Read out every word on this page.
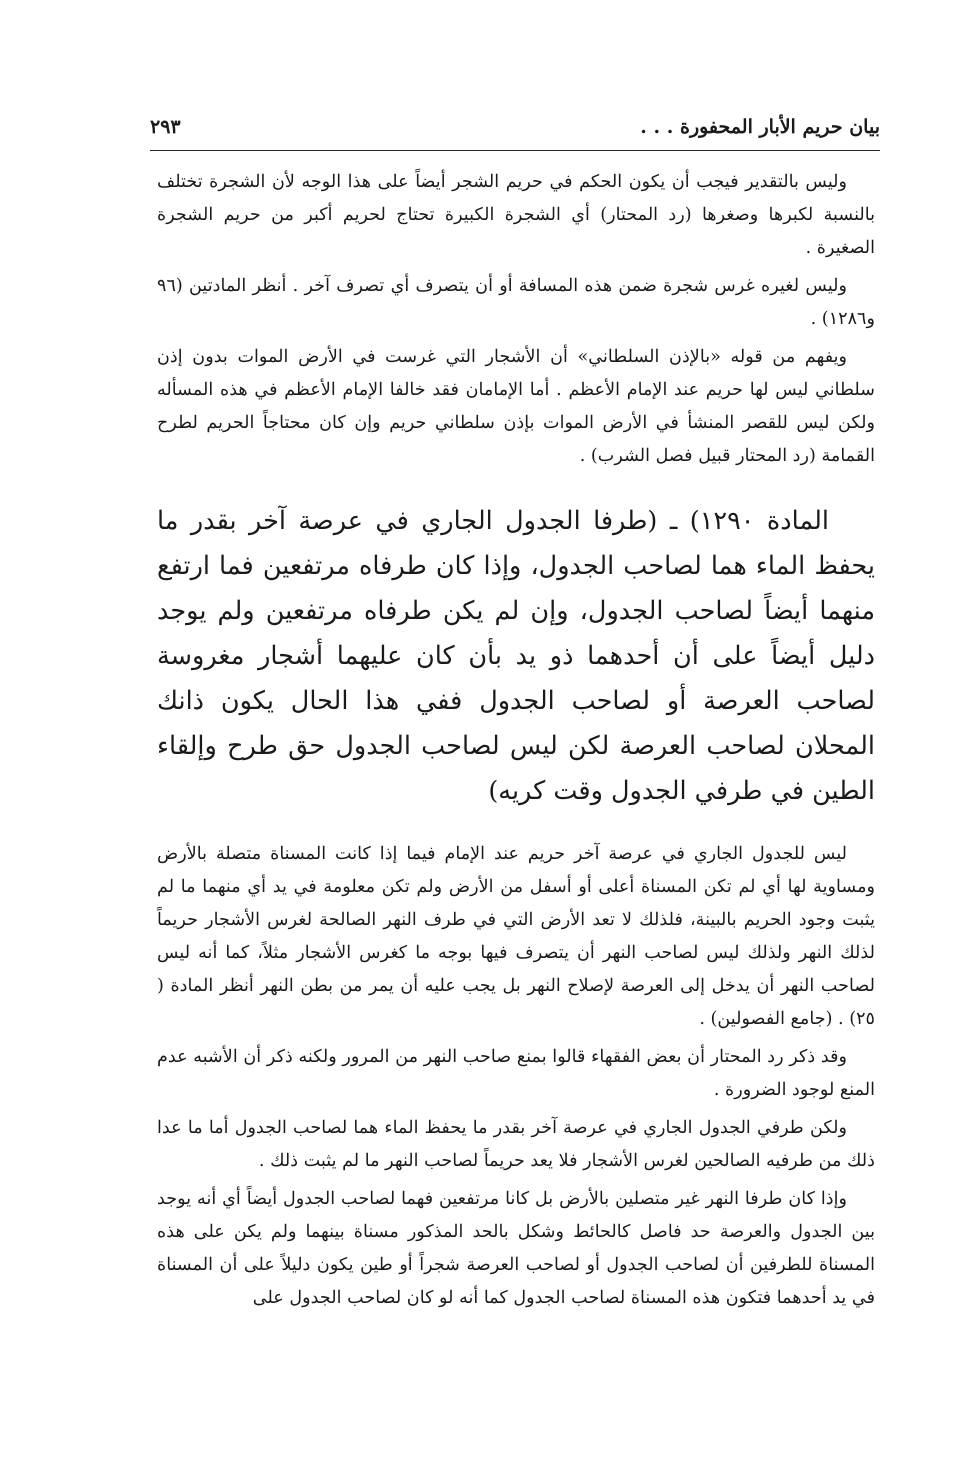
بيان حريم الأبار المحفورة . . .
٢٩٣

وليس بالتقدير فيجب أن يكون الحكم في حريم الشجر أيضاً على هذا الوجه لأن الشجرة تختلف بالنسبة لكبرها وصغرها (رد المحتار) أي الشجرة الكبيرة تحتاج لحريم أكبر من حريم الشجرة الصغيرة .

وليس لغيره غرس شجرة ضمن هذه المسافة أو أن يتصرف أي تصرف آخر . أنظر المادتين (٩٦ و١٢٨٦) .

ويفهم من قوله «بالإذن السلطاني» أن الأشجار التي غرست في الأرض الموات بدون إذن سلطاني ليس لها حريم عند الإمام الأعظم . أما الإمامان فقد خالفا الإمام الأعظم في هذه المسأله ولكن ليس للقصر المنشأ في الأرض الموات بإذن سلطاني حريم وإن كان محتاجاً الحريم لطرح القمامة (رد المحتار قبيل فصل الشرب) .

المادة ١٢٩٠) ـ (طرفا الجدول الجاري في عرصة آخر بقدر ما يحفظ الماء هما لصاحب الجدول، وإذا كان طرفاه مرتفعين فما ارتفع منهما أيضاً لصاحب الجدول، وإن لم يكن طرفاه مرتفعين ولم يوجد دليل أيضاً على أن أحدهما ذو يد بأن كان عليهما أشجار مغروسة لصاحب العرصة أو لصاحب الجدول ففي هذا الحال يكون ذانك المحلان لصاحب العرصة لكن ليس لصاحب الجدول حق طرح وإلقاء الطين في طرفي الجدول وقت كريه)

ليس للجدول الجاري في عرصة آخر حريم عند الإمام فيما إذا كانت المسناة متصلة بالأرض ومساوية لها أي لم تكن المسناة أعلى أو أسفل من الأرض ولم تكن معلومة في يد أي منهما ما لم يثبت وجود الحريم بالبينة، فلذلك لا تعد الأرض التي في طرف النهر الصالحة لغرس الأشجار حريماً لذلك النهر ولذلك ليس لصاحب النهر أن يتصرف فيها بوجه ما كغرس الأشجار مثلاً، كما أنه ليس لصاحب النهر أن يدخل إلى العرصة لإصلاح النهر بل يجب عليه أن يمر من بطن النهر أنظر المادة ( ٢٥) . (جامع الفصولين) .

وقد ذكر رد المحتار أن بعض الفقهاء قالوا بمنع صاحب النهر من المرور ولكنه ذكر أن الأشبه عدم المنع لوجود الضرورة .

ولكن طرفي الجدول الجاري في عرصة آخر بقدر ما يحفظ الماء هما لصاحب الجدول أما ما عدا ذلك من طرفيه الصالحين لغرس الأشجار فلا يعد حريماً لصاحب النهر ما لم يثبت ذلك .

وإذا كان طرفا النهر غير متصلين بالأرض بل كانا مرتفعين فهما لصاحب الجدول أيضاً أي أنه يوجد بين الجدول والعرصة حد فاصل كالحائط وشكل بالحد المذكور مسناة بينهما ولم يكن على هذه المسناة للطرفين أن لصاحب الجدول أو لصاحب العرصة شجراً أو طين يكون دليلاً على أن المسناة في يد أحدهما فتكون هذه المسناة لصاحب الجدول كما أنه لو كان لصاحب الجدول على
